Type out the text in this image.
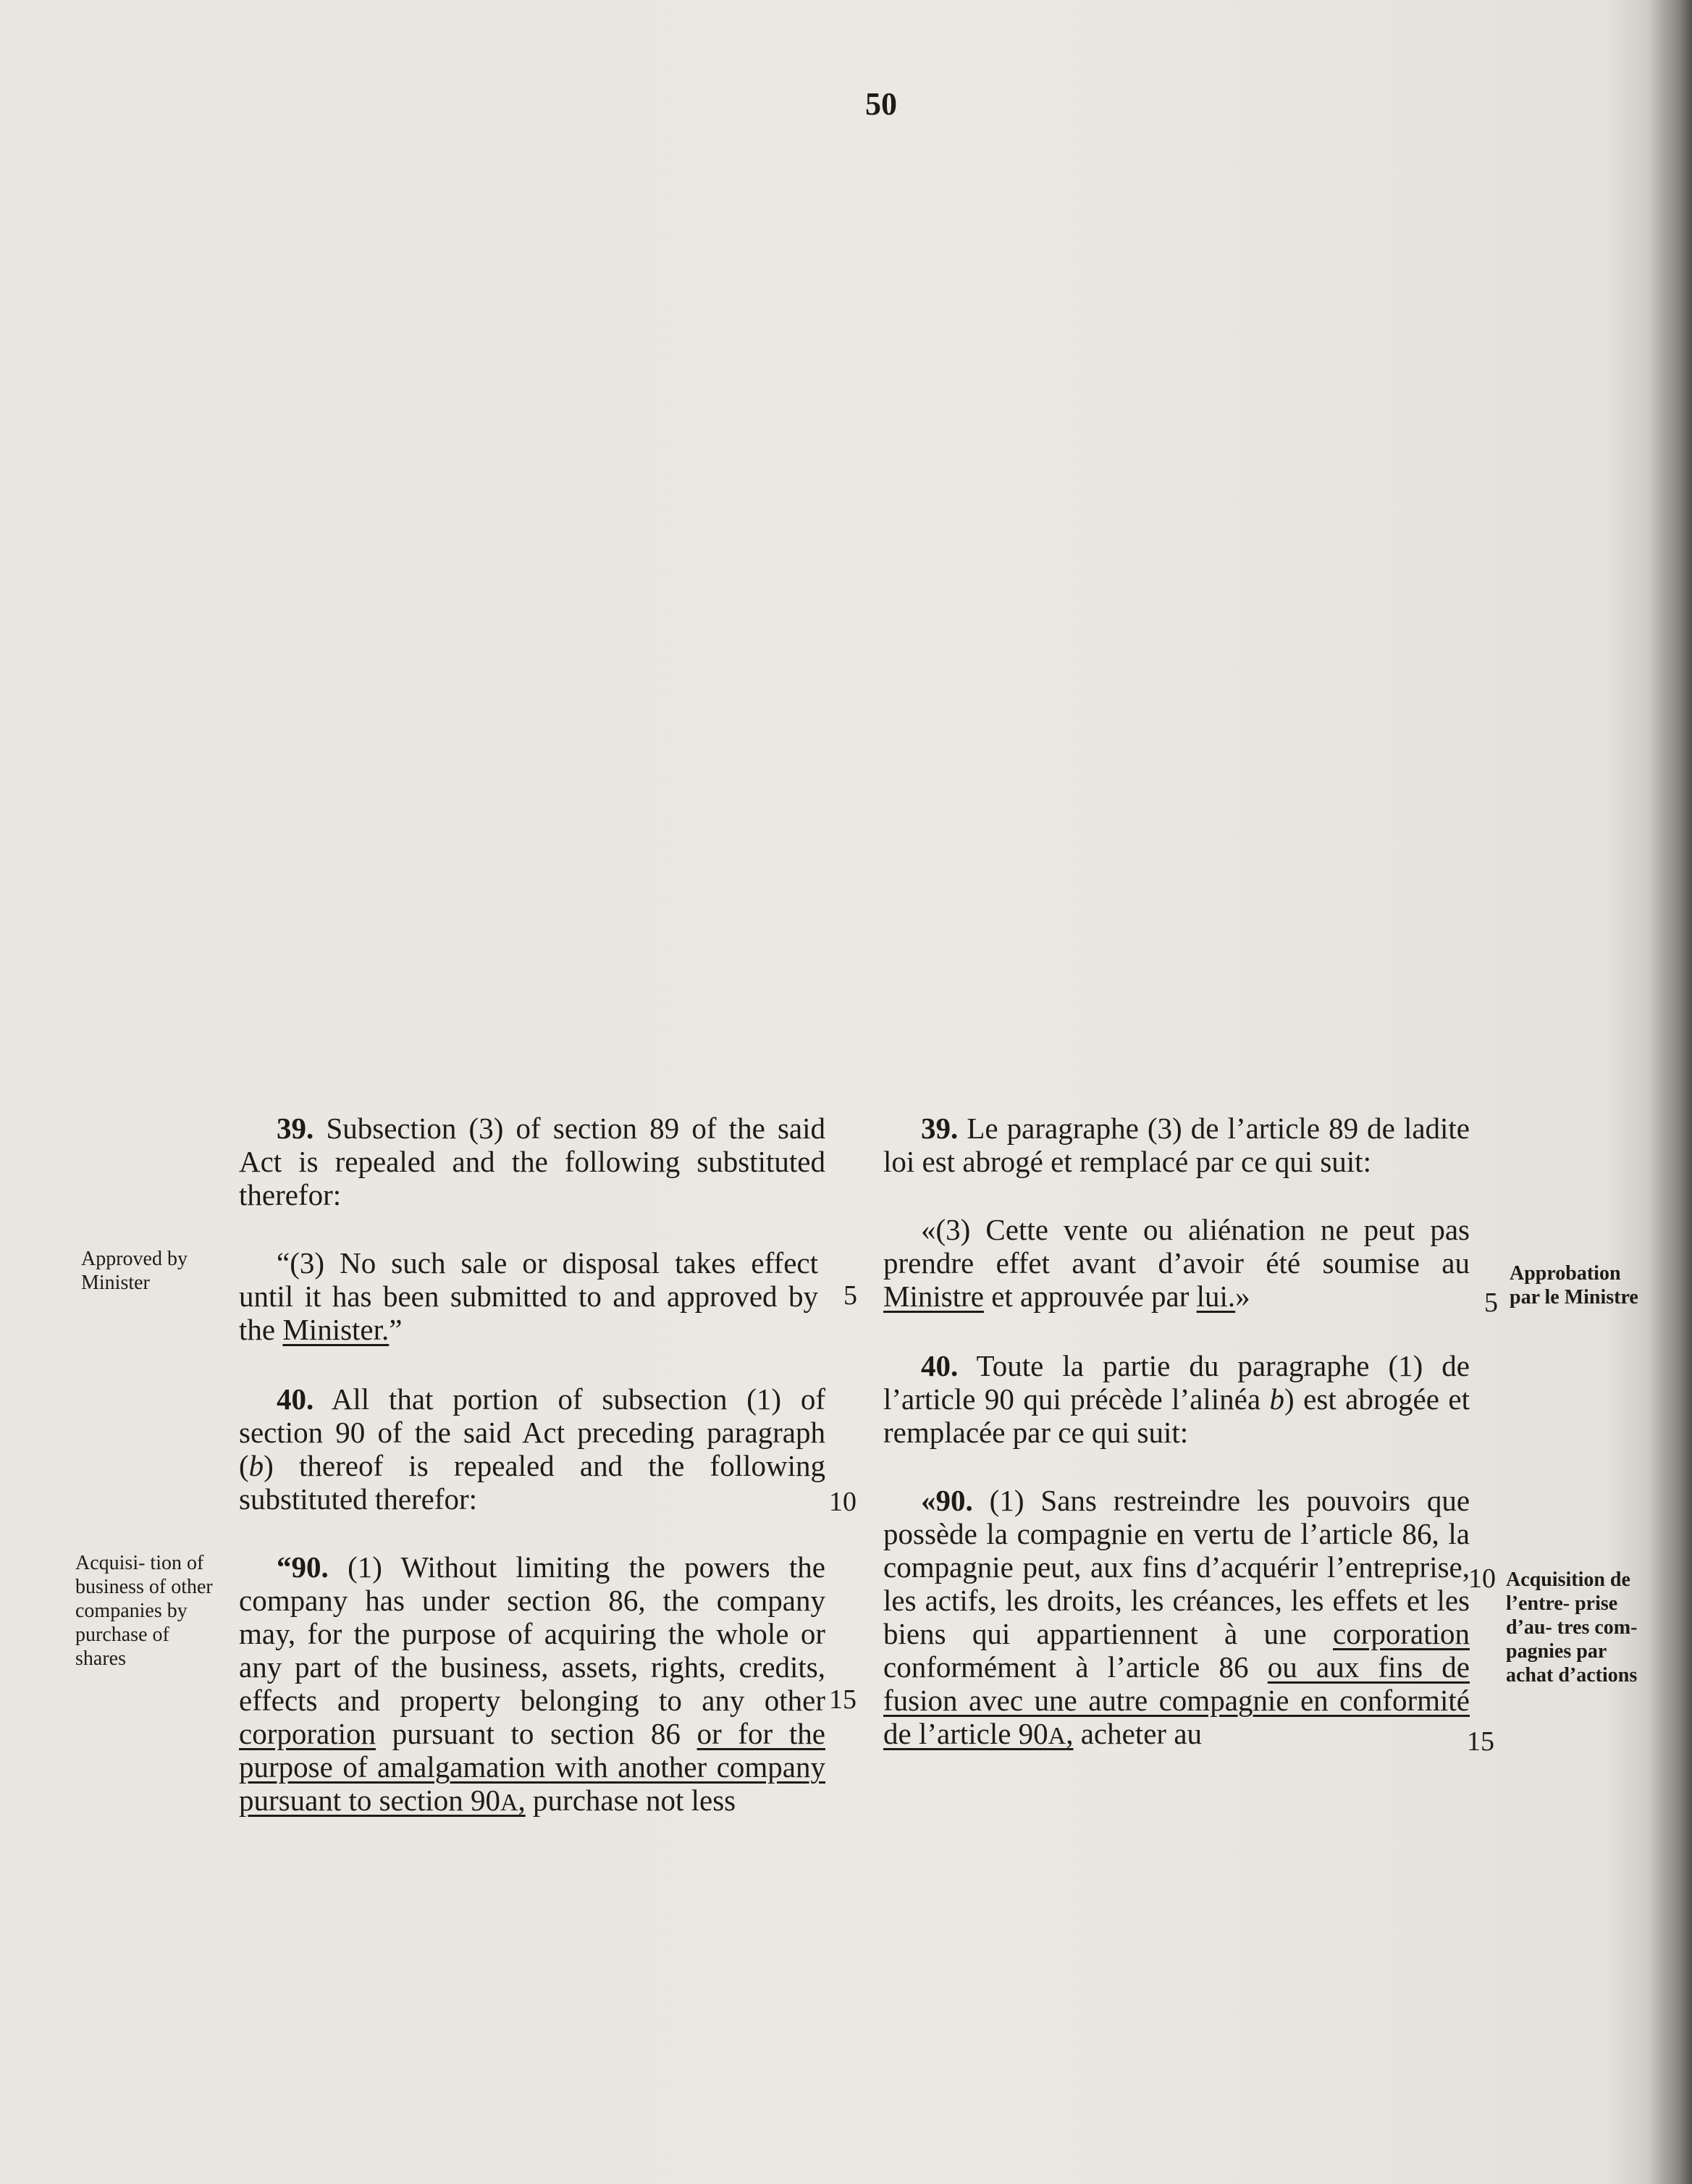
50

39. Subsection (3) of section 89 of the said Act is repealed and the following substituted therefor:

“(3) No such sale or disposal takes effect until it has been submitted to and approved by the Minister.”

40. All that portion of subsection (1) of section 90 of the said Act preceding paragraph (b) thereof is repealed and the following substituted therefor:

“90. (1) Without limiting the powers the company has under section 86, the company may, for the purpose of acquiring the whole or any part of the business, assets, rights, credits, effects and property belonging to any other corporation pursuant to section 86 or for the purpose of amalgamation with another company pursuant to section 90A, purchase not less

39. Le paragraphe (3) de l’article 89 de ladite loi est abrogé et remplacé par ce qui suit:

«(3) Cette vente ou aliénation ne peut pas prendre effet avant d’avoir été soumise au Ministre et approuvée par lui.»

40. Toute la partie du paragraphe (1) de l’article 90 qui précède l’alinéa b) est abrogée et remplacée par ce qui suit:

«90. (1) Sans restreindre les pouvoirs que possède la compagnie en vertu de l’article 86, la compagnie peut, aux fins d’acquérir l’entreprise, les actifs, les droits, les créances, les effets et les biens qui appartiennent à une corporation conformément à l’article 86 ou aux fins de fusion avec une autre compagnie en conformité de l’article 90A, acheter au

Approved by Minister
Acquisi- tion of business of other companies by purchase of shares
Approbation par le Ministre
Acquisition de l’entre- prise d’au- tres com- pagnies par achat d’actions
5
10
15
5
10
15
